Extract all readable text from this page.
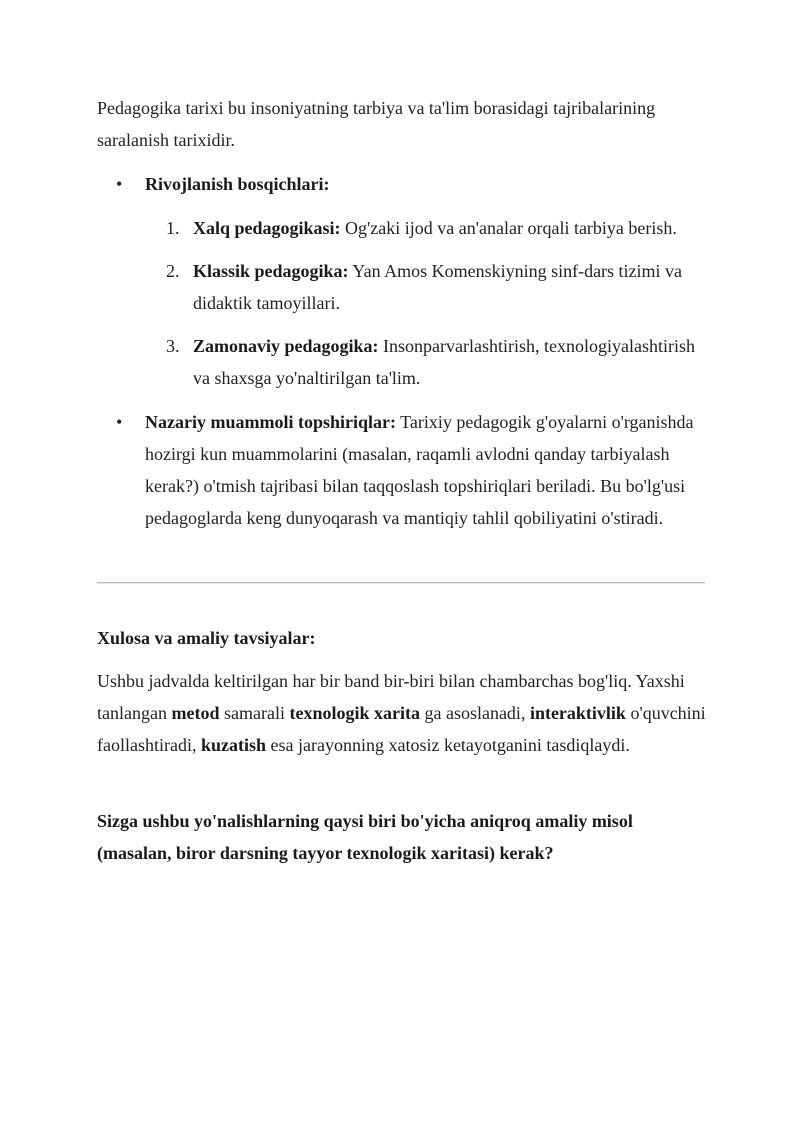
Pedagogika tarixi bu insoniyatning tarbiya va ta'lim borasidagi tajribalarining saralanish tarixidir.

• Rivojlanish bosqichlari:
1. Xalq pedagogikasi: Og'zaki ijod va an'analar orqali tarbiya berish.
2. Klassik pedagogika: Yan Amos Komenskiyning sinf-dars tizimi va didaktik tamoyillari.
3. Zamonaviy pedagogika: Insonparvarlashtirish, texnologiyalashtirish va shaxsga yo'naltirilgan ta'lim.
• Nazariy muammoli topshiriqlar: Tarixiy pedagogik g'oyalarni o'rganishda hozirgi kun muammolarini (masalan, raqamli avlodni qanday tarbiyalash kerak?) o'tmish tajribasi bilan taqqoslash topshiriqlari beriladi. Bu bo'lg'usi pedagoglarda keng dunyoqarash va mantiqiy tahlil qobiliyatini o'stiradi.

Xulosa va amaliy tavsiyalar:

Ushbu jadvalda keltirilgan har bir band bir-biri bilan chambarchas bog'liq. Yaxshi tanlangan metod samarali texnologik xarita ga asoslanadi, interaktivlik o'quvchini faollashtiradi, kuzatish esa jarayonning xatosiz ketayotganini tasdiqlaydi.

Sizga ushbu yo'nalishlarning qaysi biri bo'yicha aniqroq amaliy misol (masalan, biror darsning tayyor texnologik xaritasi) kerak?
